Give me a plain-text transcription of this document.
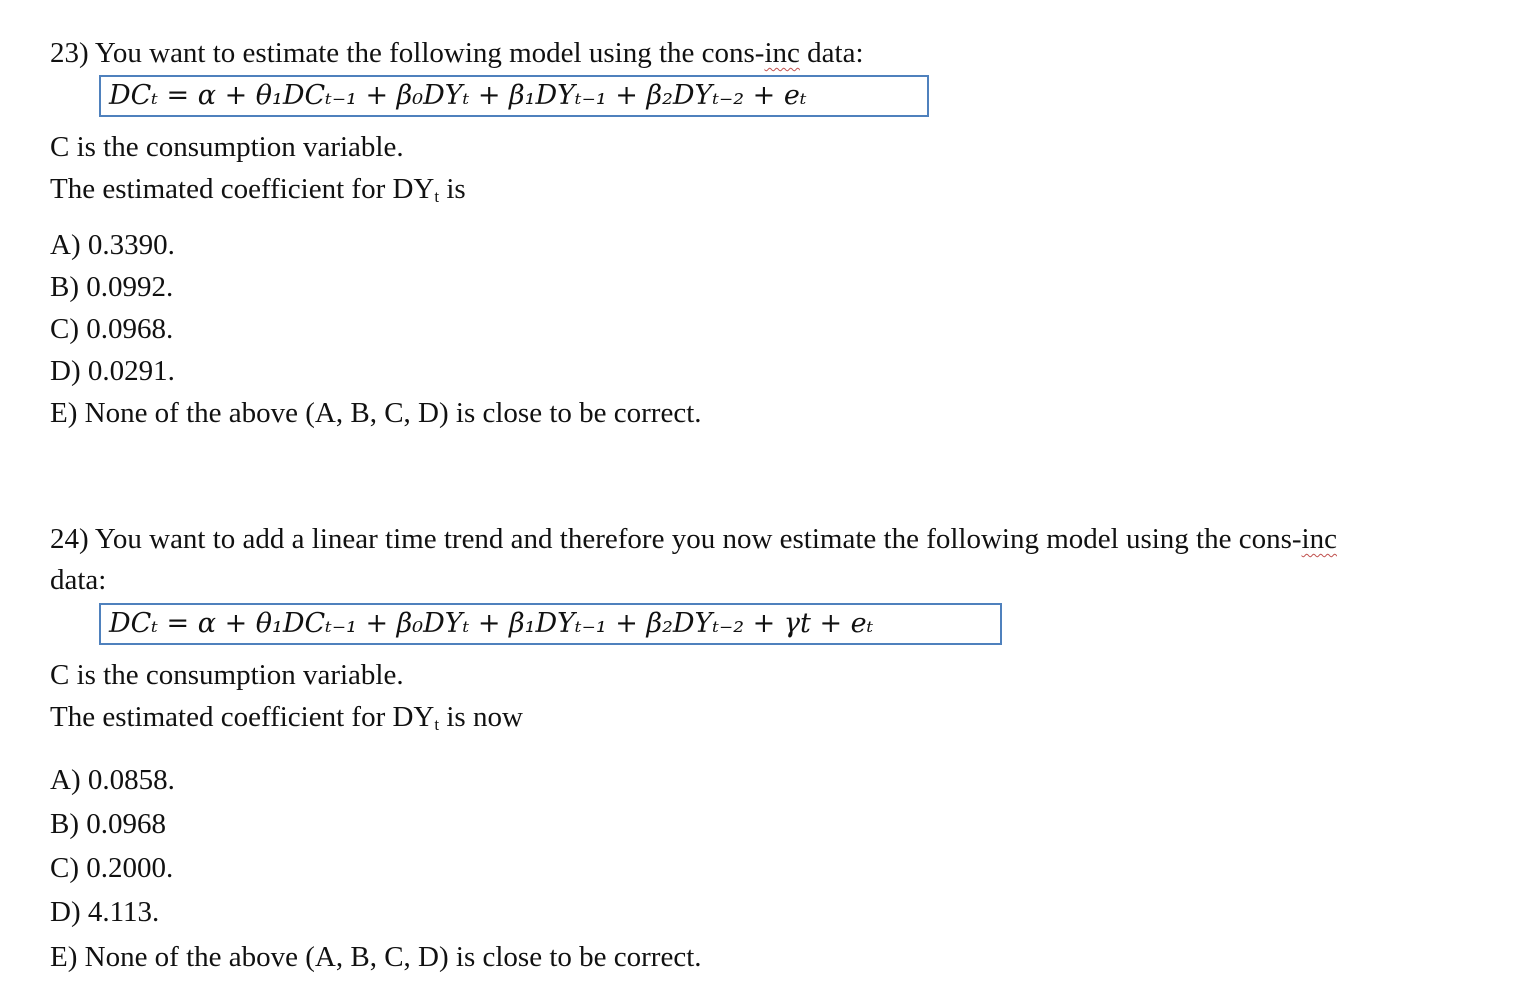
23) You want to estimate the following model using the cons-inc data:
DCₜ = α + θ₁DCₜ₋₁ + β₀DYₜ + β₁DYₜ₋₁ + β₂DYₜ₋₂ + eₜ
C is the consumption variable.
The estimated coefficient for $DY_t$ is
A) 0.3390.
B) 0.0992.
C) 0.0968.
D) 0.0291.
E) None of the above (A, B, C, D) is close to be correct.
24) You want to add a linear time trend and therefore you now estimate the following model using the cons-inc
data:
DCₜ = α + θ₁DCₜ₋₁ + β₀DYₜ + β₁DYₜ₋₁ + β₂DYₜ₋₂ + γt + eₜ
C is the consumption variable.
The estimated coefficient for $DY_t$ is now
A) 0.0858.
B) 0.0968
C) 0.2000.
D) 4.113.
E) None of the above (A, B, C, D) is close to be correct.
